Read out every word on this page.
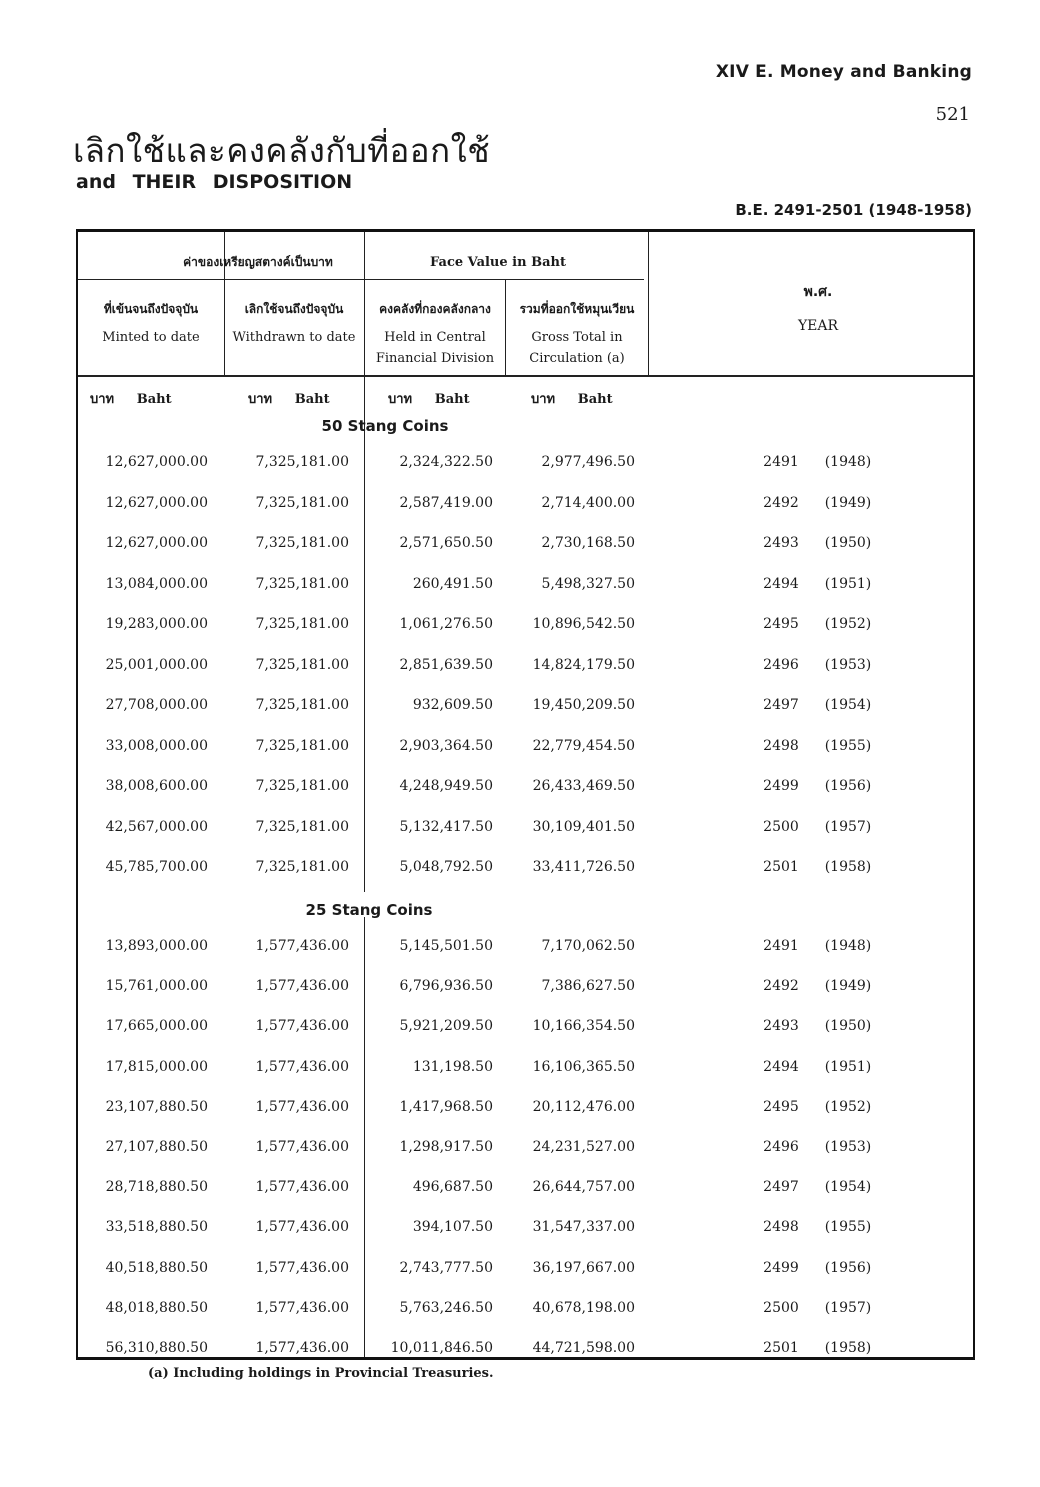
XIV E. Money and Banking
521
เลิกใช้และคงคลังกับที่ออกใช้
and THEIR DISPOSITION
B.E. 2491-2501 (1948-1958)
ค่าของเหรียญสตางค์เป็นบาท	Face Value in Baht
ที่เข้นจนถึงปัจจุบัน
Minted to date
เลิกใช้จนถึงปัจจุบัน
Withdrawn to date
คงคลังที่กองคลังกลาง
Held in Central Financial Division
รวมที่ออกใช้หมุนเวียน
Gross Total in Circulation (a)
พ.ศ.
YEAR
บาท Baht	บาท Baht	บาท Baht	บาท Baht
50 Stang Coins
25 Stang Coins
12,627,000.00	7,325,181.00	2,324,322.50	2,977,496.50	2491	(1948)
12,627,000.00	7,325,181.00	2,587,419.00	2,714,400.00	2492	(1949)
12,627,000.00	7,325,181.00	2,571,650.50	2,730,168.50	2493	(1950)
13,084,000.00	7,325,181.00	260,491.50	5,498,327.50	2494	(1951)
19,283,000.00	7,325,181.00	1,061,276.50	10,896,542.50	2495	(1952)
25,001,000.00	7,325,181.00	2,851,639.50	14,824,179.50	2496	(1953)
27,708,000.00	7,325,181.00	932,609.50	19,450,209.50	2497	(1954)
33,008,000.00	7,325,181.00	2,903,364.50	22,779,454.50	2498	(1955)
38,008,600.00	7,325,181.00	4,248,949.50	26,433,469.50	2499	(1956)
42,567,000.00	7,325,181.00	5,132,417.50	30,109,401.50	2500	(1957)
45,785,700.00	7,325,181.00	5,048,792.50	33,411,726.50	2501	(1958)
13,893,000.00	1,577,436.00	5,145,501.50	7,170,062.50	2491	(1948)
15,761,000.00	1,577,436.00	6,796,936.50	7,386,627.50	2492	(1949)
17,665,000.00	1,577,436.00	5,921,209.50	10,166,354.50	2493	(1950)
17,815,000.00	1,577,436.00	131,198.50	16,106,365.50	2494	(1951)
23,107,880.50	1,577,436.00	1,417,968.50	20,112,476.00	2495	(1952)
27,107,880.50	1,577,436.00	1,298,917.50	24,231,527.00	2496	(1953)
28,718,880.50	1,577,436.00	496,687.50	26,644,757.00	2497	(1954)
33,518,880.50	1,577,436.00	394,107.50	31,547,337.00	2498	(1955)
40,518,880.50	1,577,436.00	2,743,777.50	36,197,667.00	2499	(1956)
48,018,880.50	1,577,436.00	5,763,246.50	40,678,198.00	2500	(1957)
56,310,880.50	1,577,436.00	10,011,846.50	44,721,598.00	2501	(1958)
(a) Including holdings in Provincial Treasuries.
